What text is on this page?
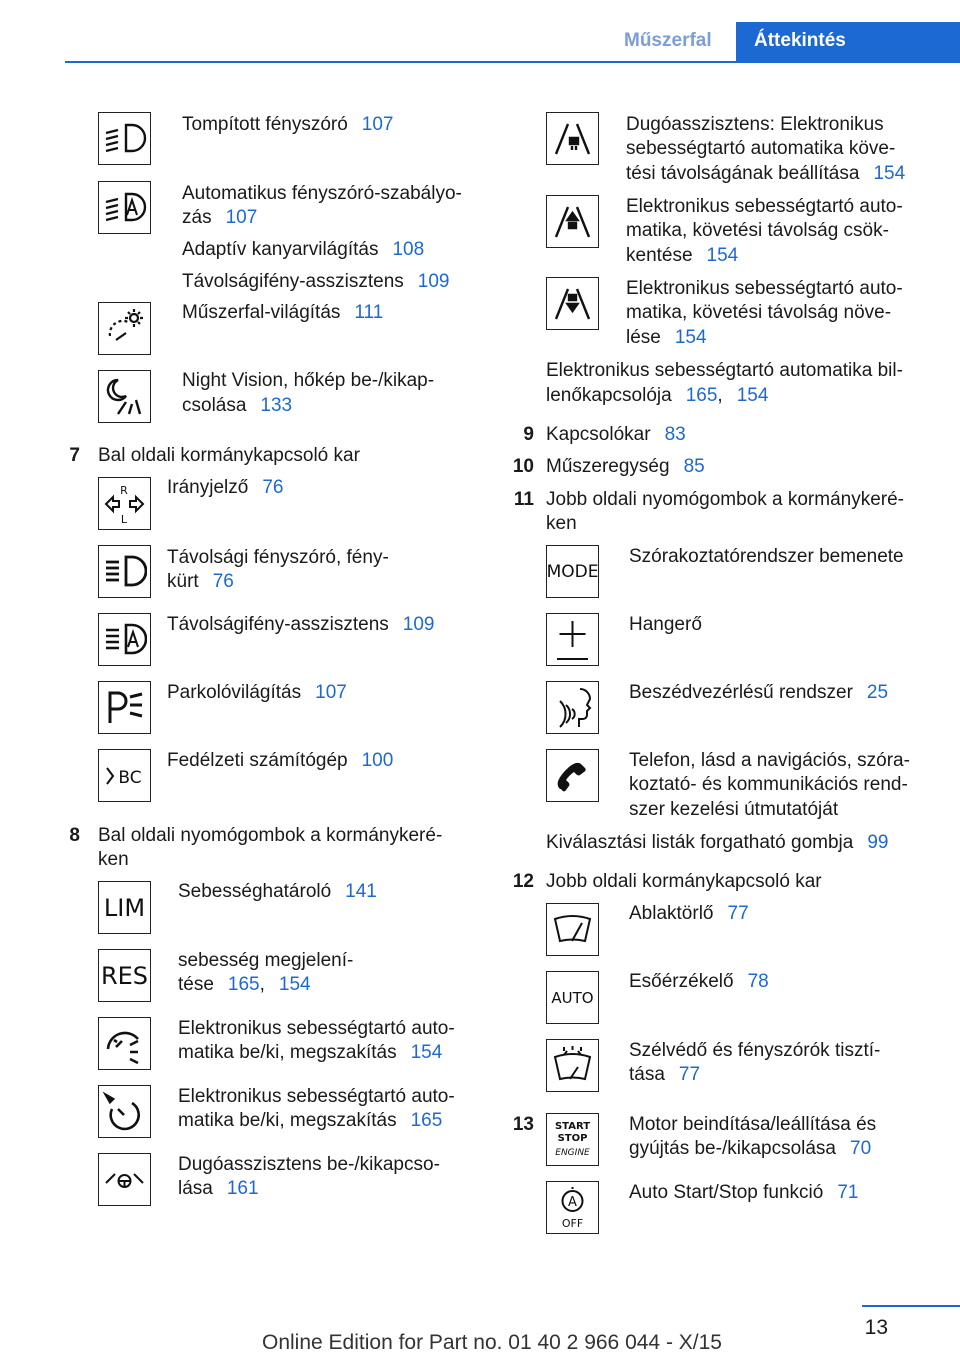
Műszerfal	Áttekintés
Tompított fényszóró 107
Automatikus fényszóró-szabályo-
zás 107
Adaptív kanyarvilágítás 108
Távolságifény-asszisztens 109
Műszerfal-világítás 111
Night Vision, hőkép be-/kikap-
csolása 133
7 Bal oldali kormánykapcsoló kar
R
L
Irányjelző 76
Távolsági fényszóró, fény-
kürt 76
Távolságifény-asszisztens 109
Parkolóvilágítás 107
BC
Fedélzeti számítógép 100
8 Bal oldali nyomógombok a kormánykeré-
ken
LIM
Sebességhatároló 141
RES
sebesség megjelení-
tése 165, 154
Elektronikus sebességtartó auto-
matika be/ki, megszakítás 154
Elektronikus sebességtartó auto-
matika be/ki, megszakítás 165
Dugóasszisztens be-/kikapcso-
lása 161
Dugóasszisztens: Elektronikus
sebességtartó automatika köve-
tési távolságának beállítása 154
Elektronikus sebességtartó auto-
matika, követési távolság csök-
kentése 154
Elektronikus sebességtartó auto-
matika, követési távolság növe-
lése 154
Elektronikus sebességtartó automatika bil-
lenőkapcsolója 165, 154
9 Kapcsolókar 83
10 Műszeregység 85
11 Jobb oldali nyomógombok a kormánykeré-
ken
MODE
Szórakoztatórendszer bemenete
Hangerő
Beszédvezérlésű rendszer 25
Telefon, lásd a navigációs, szóra-
koztató- és kommunikációs rend-
szer kezelési útmutatóját
Kiválasztási listák forgatható gombja 99
12 Jobb oldali kormánykapcsoló kar
Ablaktörlő 77
AUTO
Esőérzékelő 78
Szélvédő és fényszórók tisztí-
tása 77
13 START
STOP
ENGINE
Motor beindítása/leállítása és
gyújtás be-/kikapcsolása 70
A
OFF
Auto Start/Stop funkció 71
13
Online Edition for Part no. 01 40 2 966 044 - X/15
